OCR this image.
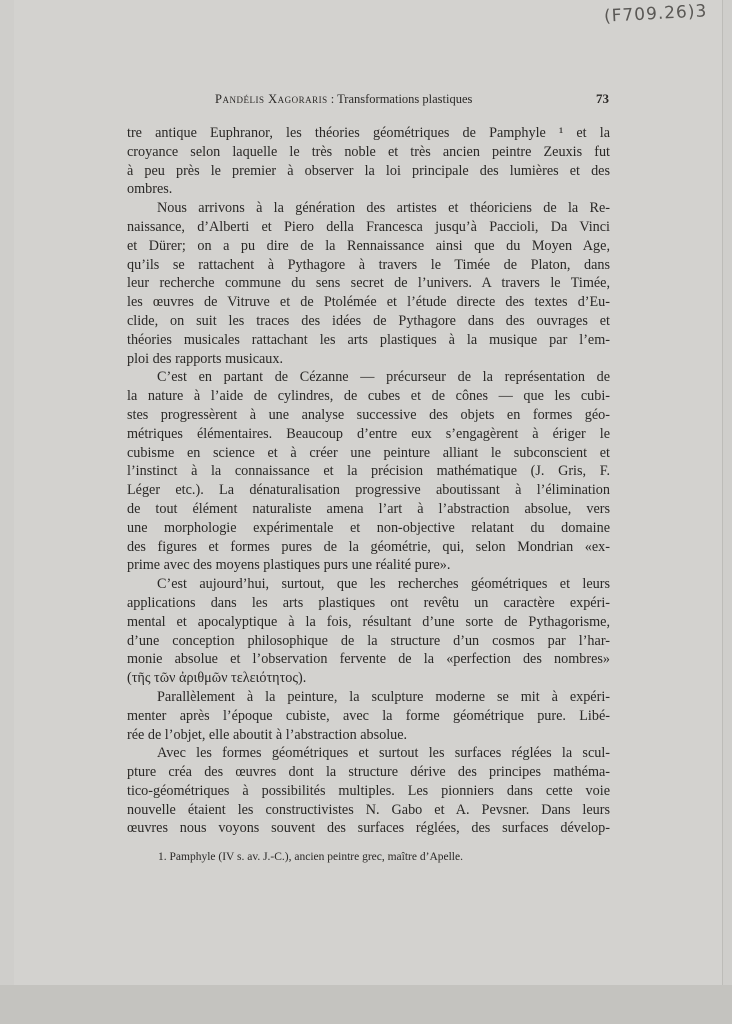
(F709.26)3
Pandélis Xagoraris : Transformations plastiques	73
tre antique Euphranor, les théories géométriques de Pamphyle ¹ et la
croyance selon laquelle le très noble et très ancien peintre Zeuxis fut
à peu près le premier à observer la loi principale des lumières et des
ombres.
Nous arrivons à la génération des artistes et théoriciens de la Re-
naissance, d’Alberti et Piero della Francesca jusqu’à Paccioli, Da Vinci
et Dürer; on a pu dire de la Rennaissance ainsi que du Moyen Age,
qu’ils se rattachent à Pythagore à travers le Timée de Platon, dans
leur recherche commune du sens secret de l’univers. A travers le Timée,
les œuvres de Vitruve et de Ptolémée et l’étude directe des textes d’Eu-
clide, on suit les traces des idées de Pythagore dans des ouvrages et
théories musicales rattachant les arts plastiques à la musique par l’em-
ploi des rapports musicaux.
C’est en partant de Cézanne — précurseur de la représentation de
la nature à l’aide de cylindres, de cubes et de cônes — que les cubi-
stes progressèrent à une analyse successive des objets en formes géo-
métriques élémentaires. Beaucoup d’entre eux s’engagèrent à ériger le
cubisme en science et à créer une peinture alliant le subconscient et
l’instinct à la connaissance et la précision mathématique (J. Gris, F.
Léger etc.). La dénaturalisation progressive aboutissant à l’élimination
de tout élément naturaliste amena l’art à l’abstraction absolue, vers
une morphologie expérimentale et non-objective relatant du domaine
des figures et formes pures de la géométrie, qui, selon Mondrian «ex-
prime avec des moyens plastiques purs une réalité pure».
C’est aujourd’hui, surtout, que les recherches géométriques et leurs
applications dans les arts plastiques ont revêtu un caractère expéri-
mental et apocalyptique à la fois, résultant d’une sorte de Pythagorisme,
d’une conception philosophique de la structure d’un cosmos par l’har-
monie absolue et l’observation fervente de la «perfection des nombres»
(τῆς τῶν ἀριθμῶν τελειότητος).
Parallèlement à la peinture, la sculpture moderne se mit à expéri-
menter après l’époque cubiste, avec la forme géométrique pure. Libé-
rée de l’objet, elle aboutit à l’abstraction absolue.
Avec les formes géométriques et surtout les surfaces réglées la scul-
pture créa des œuvres dont la structure dérive des principes mathéma-
tico-géométriques à possibilités multiples. Les pionniers dans cette voie
nouvelle étaient les constructivistes N. Gabo et A. Pevsner. Dans leurs
œuvres nous voyons souvent des surfaces réglées, des surfaces dévelop-
1. Pamphyle (IV s. av. J.-C.), ancien peintre grec, maître d’Apelle.
